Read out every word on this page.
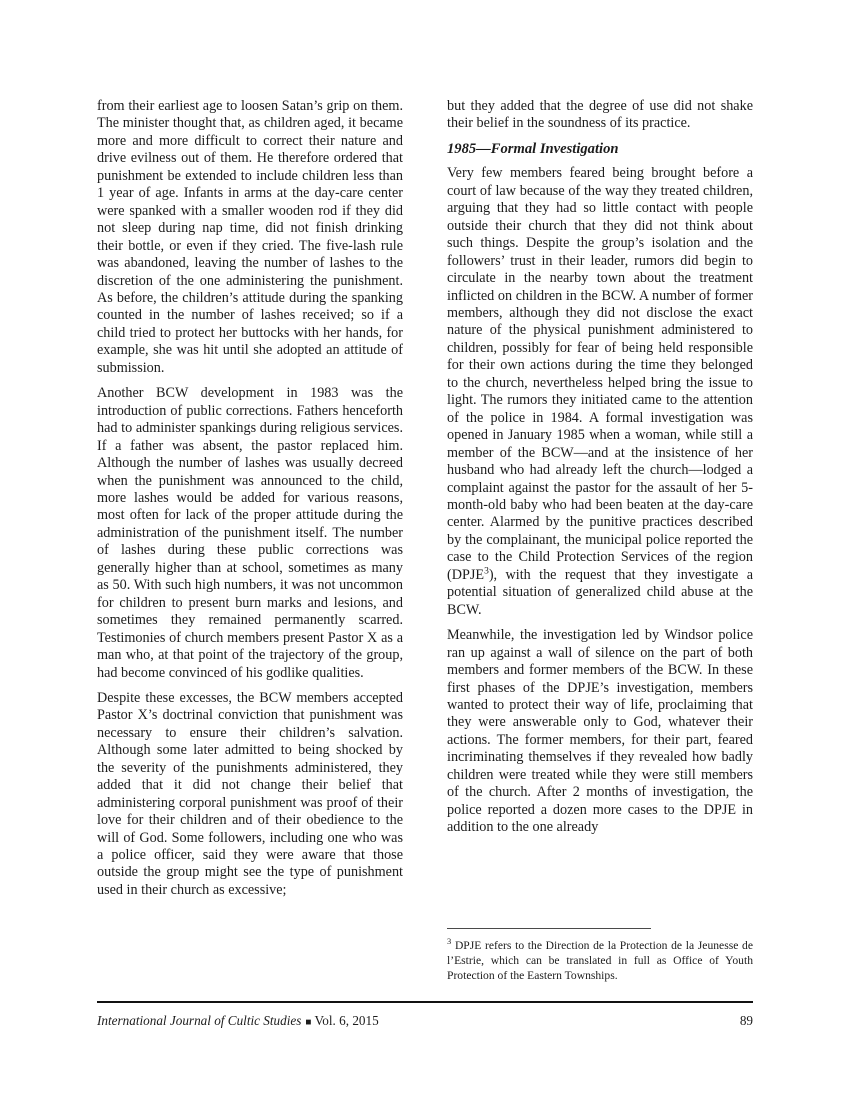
from their earliest age to loosen Satan’s grip on them. The minister thought that, as children aged, it became more and more difficult to correct their nature and drive evilness out of them. He therefore ordered that punishment be extended to include children less than 1 year of age. Infants in arms at the day-care center were spanked with a smaller wooden rod if they did not sleep during nap time, did not finish drinking their bottle, or even if they cried. The five-lash rule was abandoned, leaving the number of lashes to the discretion of the one administering the punishment. As before, the children’s attitude during the spanking counted in the number of lashes received; so if a child tried to protect her buttocks with her hands, for example, she was hit until she adopted an attitude of submission.

Another BCW development in 1983 was the introduction of public corrections. Fathers henceforth had to administer spankings during religious services. If a father was absent, the pastor replaced him. Although the number of lashes was usually decreed when the punishment was announced to the child, more lashes would be added for various reasons, most often for lack of the proper attitude during the administration of the punishment itself. The number of lashes during these public corrections was generally higher than at school, sometimes as many as 50. With such high numbers, it was not uncommon for children to present burn marks and lesions, and sometimes they remained permanently scarred. Testimonies of church members present Pastor X as a man who, at that point of the trajectory of the group, had become convinced of his godlike qualities.

Despite these excesses, the BCW members accepted Pastor X’s doctrinal conviction that punishment was necessary to ensure their children’s salvation. Although some later admitted to being shocked by the severity of the punishments administered, they added that it did not change their belief that administering corporal punishment was proof of their love for their children and of their obedience to the will of God. Some followers, including one who was a police officer, said they were aware that those outside the group might see the type of punishment used in their church as excessive;

but they added that the degree of use did not shake their belief in the soundness of its practice.

1985—Formal Investigation

Very few members feared being brought before a court of law because of the way they treated children, arguing that they had so little contact with people outside their church that they did not think about such things. Despite the group’s isolation and the followers’ trust in their leader, rumors did begin to circulate in the nearby town about the treatment inflicted on children in the BCW. A number of former members, although they did not disclose the exact nature of the physical punishment administered to children, possibly for fear of being held responsible for their own actions during the time they belonged to the church, nevertheless helped bring the issue to light. The rumors they initiated came to the attention of the police in 1984. A formal investigation was opened in January 1985 when a woman, while still a member of the BCW—and at the insistence of her husband who had already left the church—lodged a complaint against the pastor for the assault of her 5-month-old baby who had been beaten at the day-care center. Alarmed by the punitive practices described by the complainant, the municipal police reported the case to the Child Protection Services of the region (DPJE$^3$), with the request that they investigate a potential situation of generalized child abuse at the BCW.

Meanwhile, the investigation led by Windsor police ran up against a wall of silence on the part of both members and former members of the BCW. In these first phases of the DPJE’s investigation, members wanted to protect their way of life, proclaiming that they were answerable only to God, whatever their actions. The former members, for their part, feared incriminating themselves if they revealed how badly children were treated while they were still members of the church. After 2 months of investigation, the police reported a dozen more cases to the DPJE in addition to the one already

$^3$ DPJE refers to the Direction de la Protection de la Jeunesse de l’Estrie, which can be translated in full as Office of Youth Protection of the Eastern Townships.

International Journal of Cultic Studies ■ Vol. 6, 2015	89
